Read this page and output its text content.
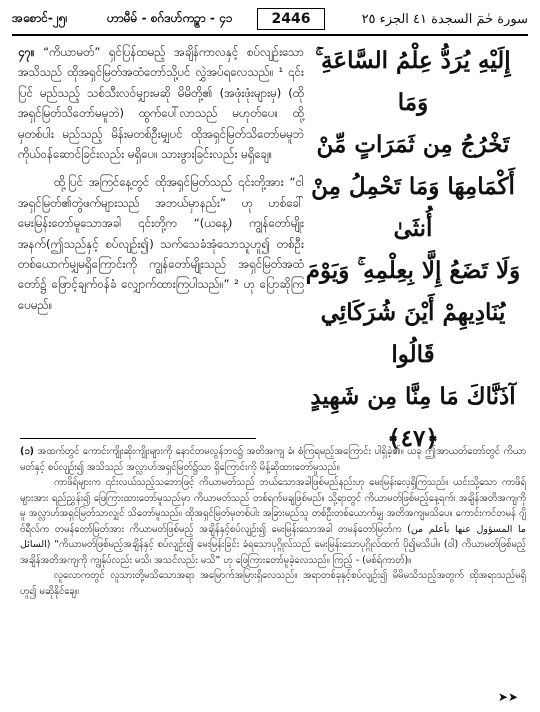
အစောင်-၂၅၊	ဟာမီမ် - စဂ်ဒဟ်ကဉ္စာ - ၄၁	2446	سورة حٰمٓ السجدة ٤١ الجزء ٢٥

၄၇။ “ကိယာမတ်” ရှင်ပြန်ထမည့် အချိန်ကာလနှင့် စပ်လျဉ်းသော အသိသည် ထိုအရှင်မြတ်အထံတော်သို့ပင် လွှဲအပ်ရလေသည်။ ¹ ၎င်းပြင် မည်သည့် သစ်သီးလဝ်မျှားမဆို မိမိတို့၏ (အဖုံးဖုံးများမှ) (ထို အရှင်မြတ်သိတော်မမူဘဲ) ထွက်ပေါ်လာသည် မဟုတ်ပေ။ ထို့မှတစ်ပါး မည်သည့် မိန်းမတစ်ဦးမျှပင် ထိုအရှင်မြတ်သိတော်မမူဘဲ ကိုယ်ဝန်ဆောင်ခြင်းလည်း မရှိပေ။ သားဖွားခြင်းလည်း မရှိချေ။

ထို့ပြင် အကြင်နေ့တွင် ထိုအရှင်မြတ်သည် ၎င်းတို့အား “ငါအရှင်မြတ်၏တွဲဖက်များသည် အဘယ်မှာနည်း” ဟု ဟစ်ခေါ် မေးမြန်းတော်မူသောအခါ ၎င်းတို့က “(ယနေ့) ကျွန်တော်မျိုးအနက်(ဤသည်နှင့် စပ်လျဉ်း၍) သက်သေခံအုံသောသူဟူ၍ တစ်ဦးတစ်ယောက်မျှမရှိကြောင်းကို ကျွန်တော်မျိုးသည် အရှင်မြတ်အထံတော်၌ ဖြောင့်ချက်ဝန်ခံ လျှောက်ထားကြပါသည်။” ² ဟု ပြောဆိုကြပေမည်။

إِلَيْهِ يُرَدُّ عِلْمُ السَّاعَةِ ۚ وَمَا
تَخْرُجُ مِن ثَمَرَاتٍ مِّنْ
أَكْمَامِهَا وَمَا تَحْمِلُ مِنْ أُنثَىٰ
وَلَا تَضَعُ إِلَّا بِعِلْمِهِ ۚ وَيَوْمَ
يُنَادِيهِمْ أَيْنَ شُرَكَائِي قَالُوا
آذَنَّاكَ مَا مِنَّا مِن شَهِيدٍ ﴿٤٧﴾

(၁) အထက်တွင် ကောင်းကျိုးဆိုးကျိုးများကို နောင်တမလွန်ဘဝ၌ အတိအကျ ခံ၊ စံကြရမည့်အကြောင်း ပါရှိခဲ့၏။ ယခု ဤအာယတ်တော်တွင် ကိယာမတ်နှင့် စပ်လျဉ်း၍ အသိသည် အလ္လာဟ်အရှင်မြတ်၌သာ ရှိကြောင်းကို မိန့်ဆိုထားတော်မူသည်။

ကာဖိရ်များက ၎င်းလယ်သည့်သဘောဖြင့် ကိယာမတ်သည် ဘယ်သောအခါဖြစ်မည်နည်းဟု မေးမြန်းလေ့ရှိကြသည်။ ယင်းသို့သော ကာဖိရ်များအား ရည်ညွှန်း၍ ဖြေကြားထားတော်မူသည်မှာ ကိယာမတ်သည် တစ်ရက်မချဖြစ်မည်။ သို့ရာတွင် ကိယာမတ်ဖြစ်မည့်နေ့ရက်၊ အချိန်အတိအကျကိုမူ အလ္လာဟ်အရှင်မြတ်သာလျှင် သိတော်မူသည်။ ထိုအရှင်မြတ်မှတစ်ပါး အခြားမည်သူ တစ်ဦးတစ်ယောက်မျှ အတိအကျမသိပေ။ ကောင်းကင်တမန် ဂျိဗ်ရီလ်က တမန်တော်မြတ်အား ကိယာမတ်ဖြစ်မည့် အချိန်နှင့်စပ်လျဉ်း၍ မေးမြန်းသောအခါ တမန်တော်မြတ်က (ما المسؤول عنها بأعلم من السائل) “ကိယာမတ်ဖြစ်မည့်အချိန်နှင့် စပ်လျဉ်း၍ မေးမြန်းခြင်း ခံရသောပုဂ္ဂိုလ်သည် မေးမြန်းသောပုဂ္ဂိုလ်ထက် ပို၍မသိပါ။ (ဝါ) ကိယာမတ်ဖြစ်မည့် အချိန်အတိအကျကို ကျွန်ုပ်လည်း မသိ၊ အသင်လည်း မသိ” ဟု ဖြေကြားတော်မူခဲ့လေသည်။ ကြည့် - (မစ်ရ်ကာတ်)။

လူလောကတွင် လူသားတို့မသိသောအရာ အမြောက်အမြားရှိလေသည်။ အရာတစ်ခုနှင့်စပ်လျဉ်း၍ မိမိမသိသည့်အတွက် ထိုအရာသည်မရှိဟူ၍ မဆိုနိုင်ချေ။

➤➤
